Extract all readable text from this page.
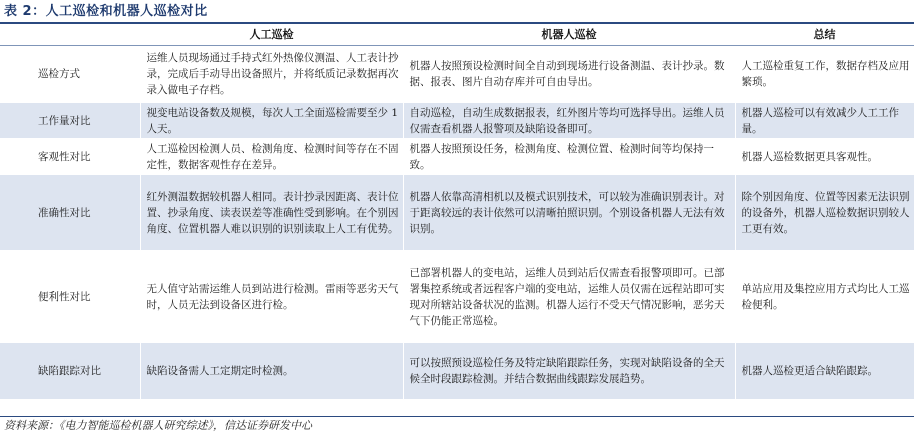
表 2：人工巡检和机器人巡检对比
	人工巡检	机器人巡检	总结
巡检方式	运维人员现场通过手持式红外热像仪测温、人工表计抄录，完成后手动导出设备照片，并将纸质记录数据再次录入做电子存档。	机器人按照预设检测时间全自动到现场进行设备测温、表计抄录。数据、报表、图片自动存库并可自由导出。	人工巡检重复工作，数据存档及应用繁琐。
工作量对比	视变电站设备数及规模，每次人工全面巡检需要至少 1 人天。	自动巡检，自动生成数据报表，红外图片等均可选择导出。运维人员仅需查看机器人报警项及缺陷设备即可。	机器人巡检可以有效减少人工工作量。
客观性对比	人工巡检因检测人员、检测角度、检测时间等存在不固定性，数据客观性存在差异。	机器人按照预设任务，检测角度、检测位置、检测时间等均保持一致。	机器人巡检数据更具客观性。
准确性对比	红外测温数据较机器人相同。表计抄录因距离、表计位置、抄录角度、读表误差等准确性受到影响。在个别因角度、位置机器人难以识别的识别读取上人工有优势。	机器人依靠高清相机以及模式识别技术，可以较为准确识别表计。对于距离较远的表计依然可以清晰拍照识别。个别设备机器人无法有效识别。	除个别因角度、位置等因素无法识别的设备外，机器人巡检数据识别较人工更有效。
便利性对比	无人值守站需运维人员到站进行检测。雷雨等恶劣天气时，人员无法到设备区进行检。	已部署机器人的变电站，运维人员到站后仅需查看报警项即可。已部署集控系统或者远程客户端的变电站，运维人员仅需在远程站即可实现对所辖站设备状况的监测。机器人运行不受天气情况影响，恶劣天气下仍能正常巡检。	单站应用及集控应用方式均比人工巡检便利。
缺陷跟踪对比	缺陷设备需人工定期定时检测。	可以按照预设巡检任务及特定缺陷跟踪任务，实现对缺陷设备的全天候全时段跟踪检测。并结合数据曲线跟踪发展趋势。	机器人巡检更适合缺陷跟踪。
资料来源：《电力智能巡检机器人研究综述》，信达证券研发中心
